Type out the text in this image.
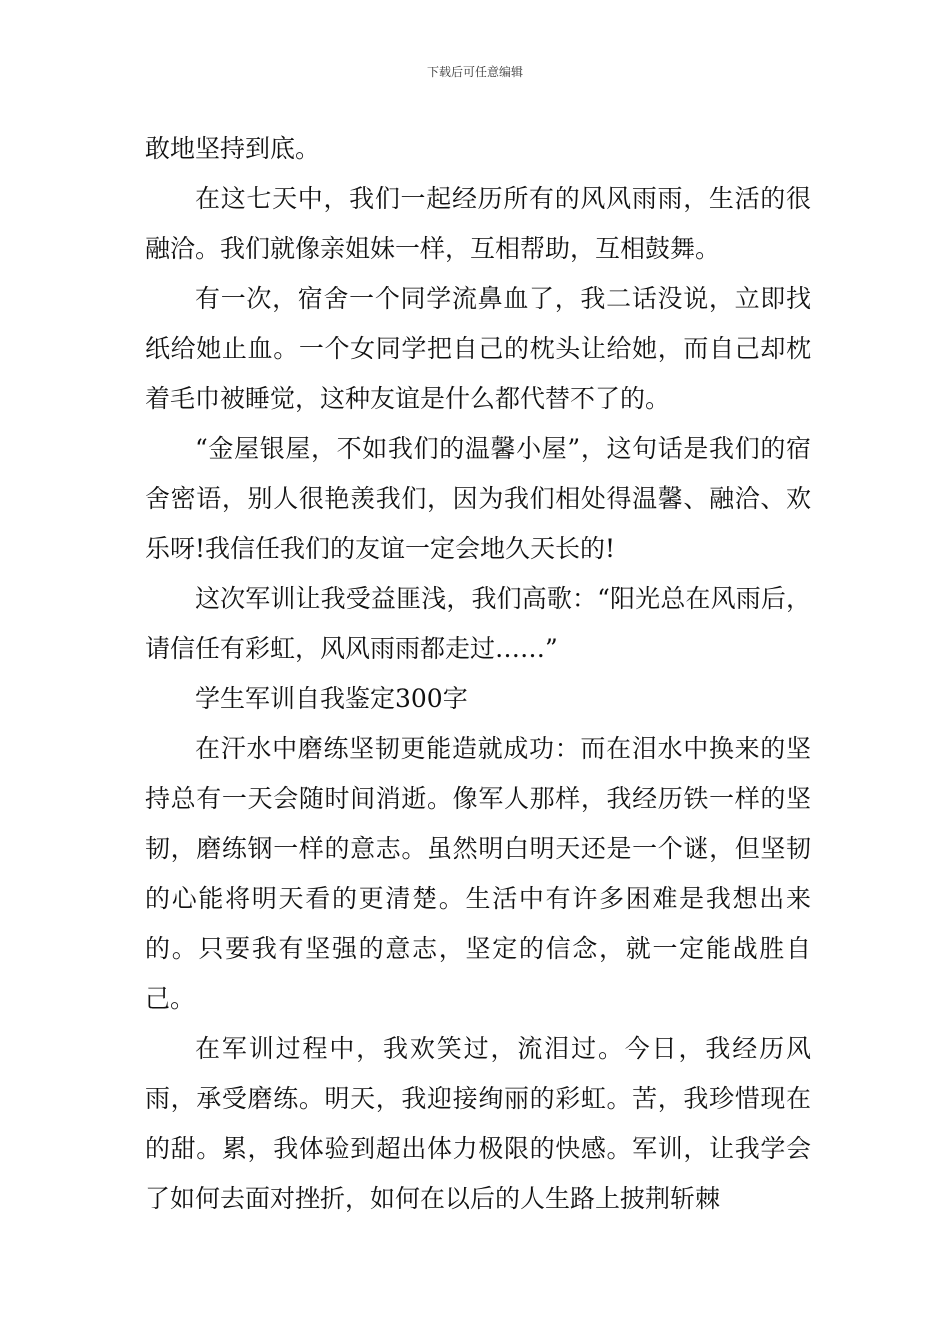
下载后可任意编辑

敢地坚持到底。

在这七天中，我们一起经历所有的风风雨雨，生活的很融洽。我们就像亲姐妹一样，互相帮助，互相鼓舞。

有一次，宿舍一个同学流鼻血了，我二话没说，立即找纸给她止血。一个女同学把自己的枕头让给她，而自己却枕着毛巾被睡觉，这种友谊是什么都代替不了的。

“金屋银屋，不如我们的温馨小屋”，这句话是我们的宿舍密语，别人很艳羡我们，因为我们相处得温馨、融洽、欢乐呀!我信任我们的友谊一定会地久天长的!

这次军训让我受益匪浅，我们高歌：“阳光总在风雨后，请信任有彩虹，风风雨雨都走过……”

学生军训自我鉴定300字

在汗水中磨练坚韧更能造就成功：而在泪水中换来的坚持总有一天会随时间消逝。像军人那样，我经历铁一样的坚韧，磨练钢一样的意志。虽然明白明天还是一个谜，但坚韧的心能将明天看的更清楚。生活中有许多困难是我想出来的。只要我有坚强的意志，坚定的信念，就一定能战胜自己。

在军训过程中，我欢笑过，流泪过。今日，我经历风雨，承受磨练。明天，我迎接绚丽的彩虹。苦，我珍惜现在的甜。累，我体验到超出体力极限的快感。军训，让我学会了如何去面对挫折，如何在以后的人生路上披荆斩棘
